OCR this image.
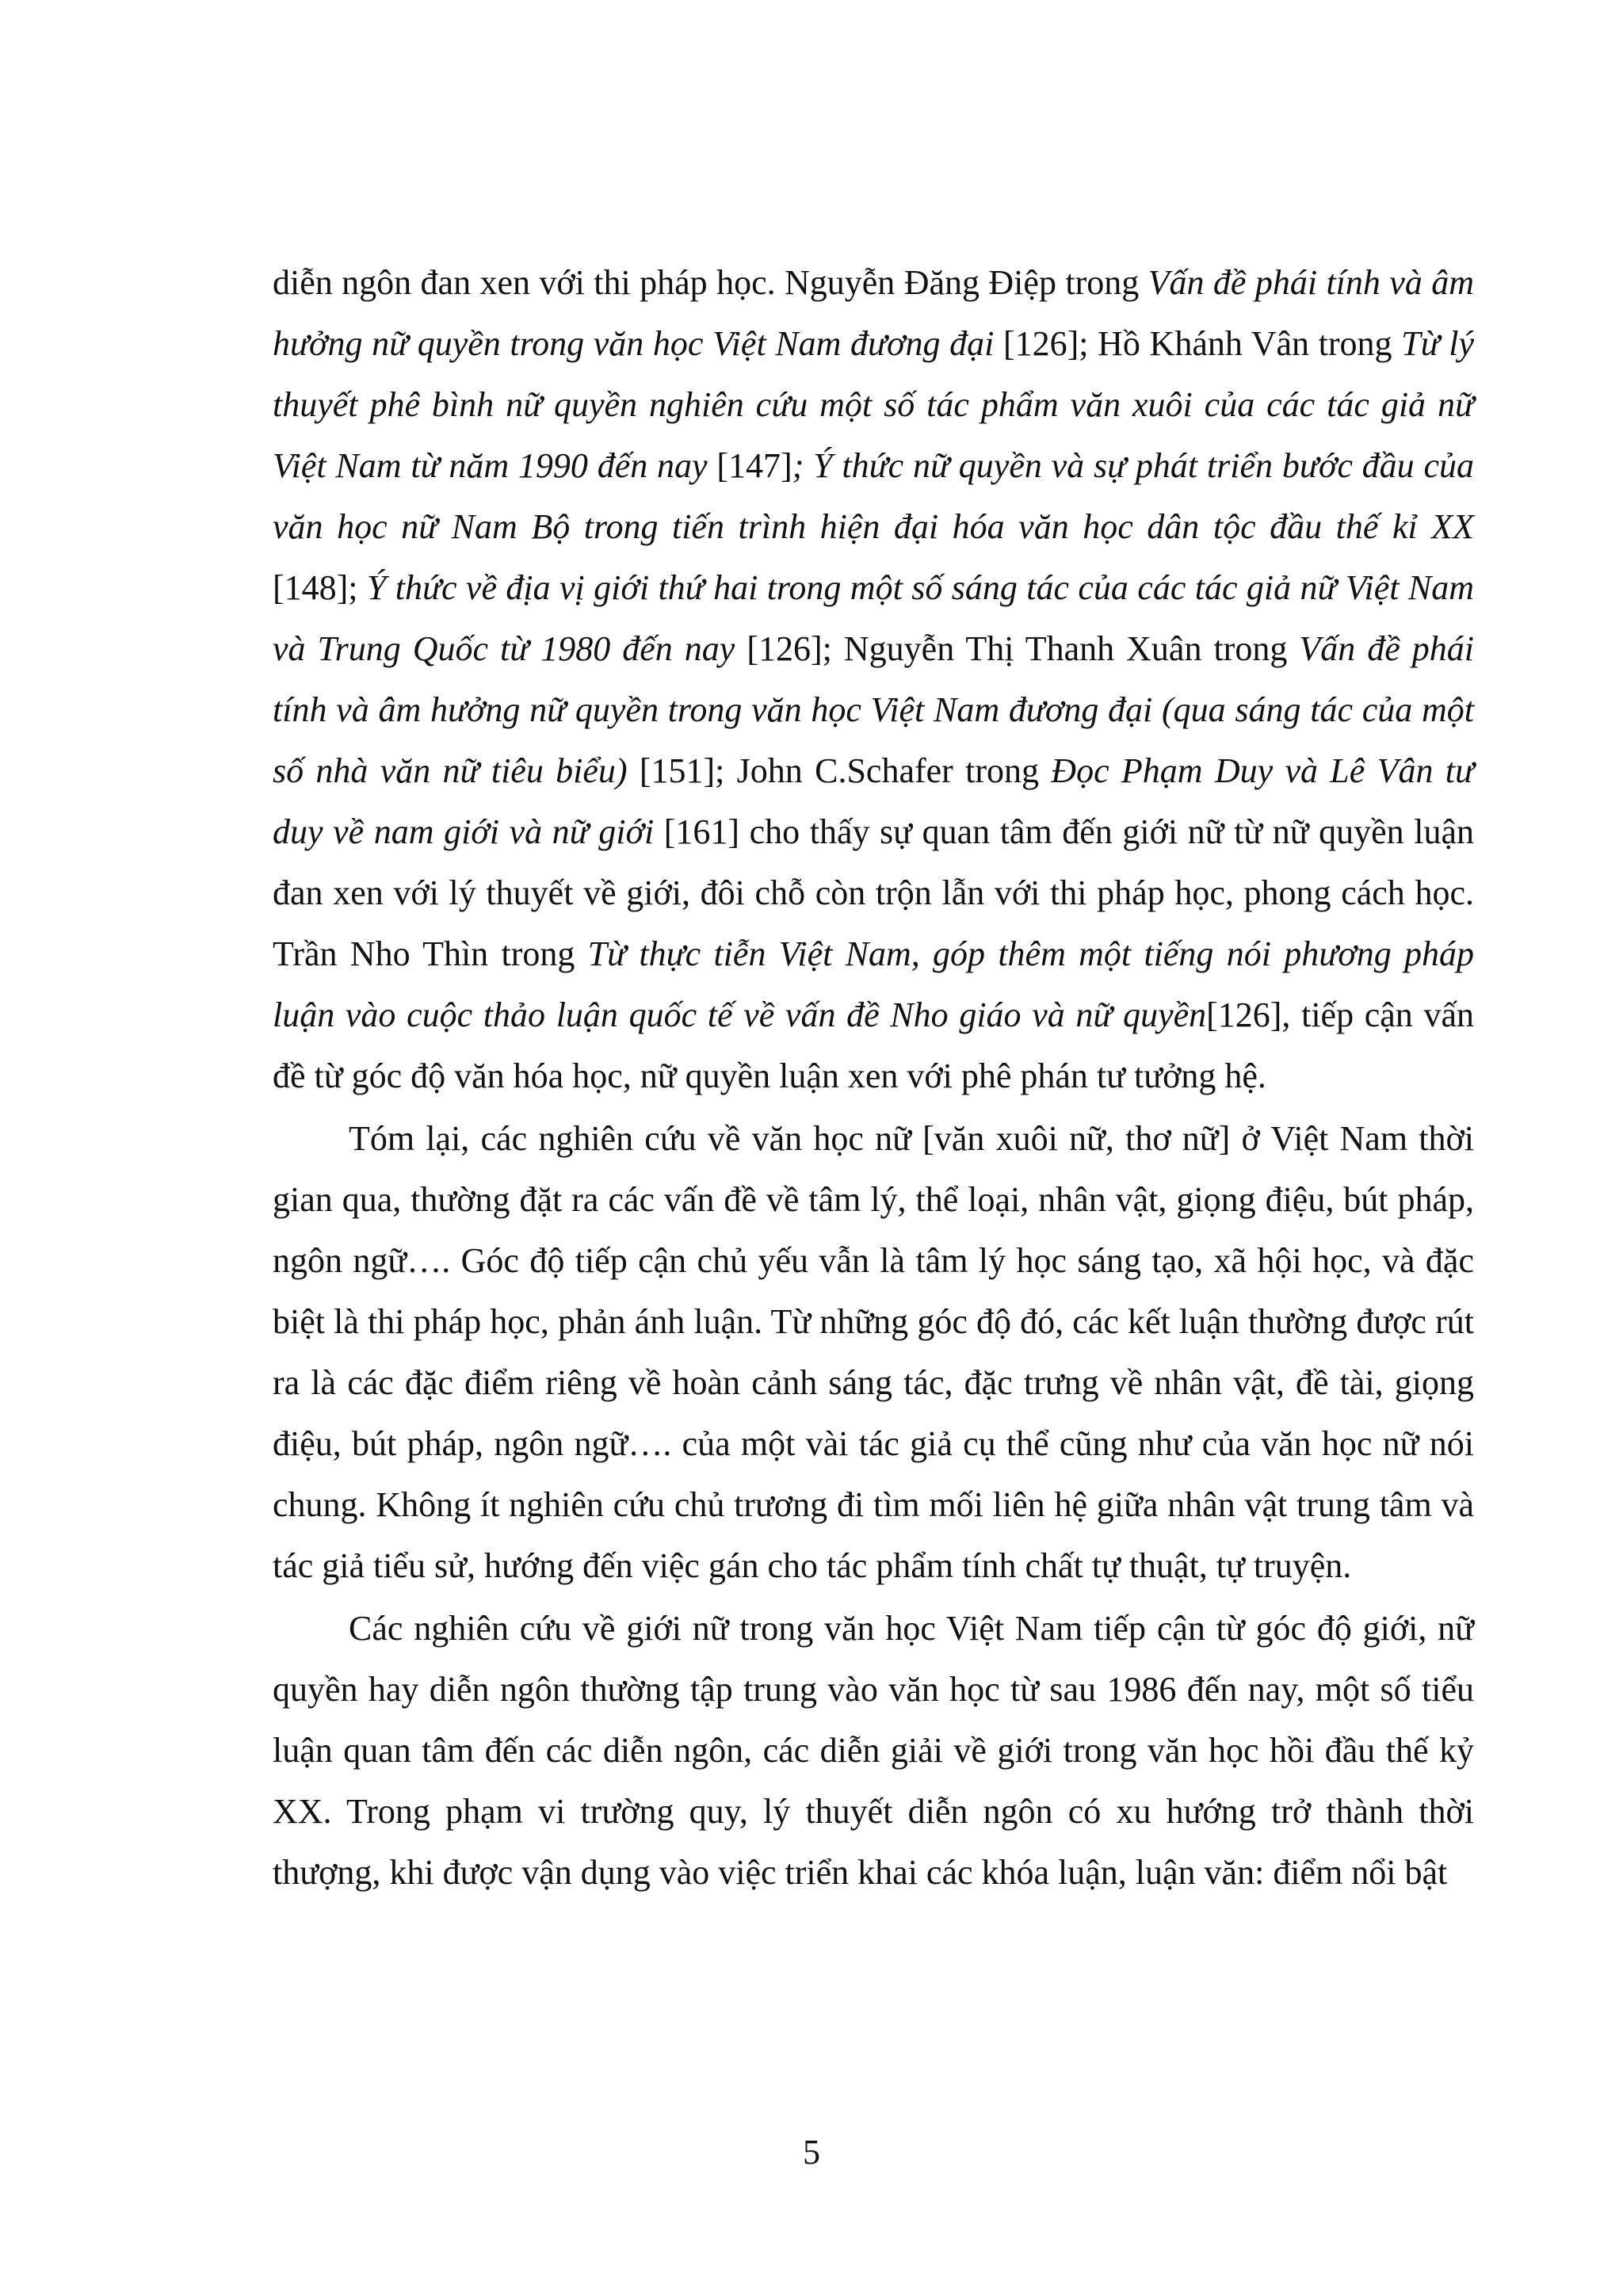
diễn ngôn đan xen với thi pháp học. Nguyễn Đăng Điệp trong Vấn đề phái tính và âm hưởng nữ quyền trong văn học Việt Nam đương đại [126]; Hồ Khánh Vân trong Từ lý thuyết phê bình nữ quyền nghiên cứu một số tác phẩm văn xuôi của các tác giả nữ Việt Nam từ năm 1990 đến nay [147]; Ý thức nữ quyền và sự phát triển bước đầu của văn học nữ Nam Bộ trong tiến trình hiện đại hóa văn học dân tộc đầu thế kỉ XX [148]; Ý thức về địa vị giới thứ hai trong một số sáng tác của các tác giả nữ Việt Nam và Trung Quốc từ 1980 đến nay [126]; Nguyễn Thị Thanh Xuân trong Vấn đề phái tính và âm hưởng nữ quyền trong văn học Việt Nam đương đại (qua sáng tác của một số nhà văn nữ tiêu biểu) [151]; John C.Schafer trong Đọc Phạm Duy và Lê Vân tư duy về nam giới và nữ giới [161] cho thấy sự quan tâm đến giới nữ từ nữ quyền luận đan xen với lý thuyết về giới, đôi chỗ còn trộn lẫn với thi pháp học, phong cách học. Trần Nho Thìn trong Từ thực tiễn Việt Nam, góp thêm một tiếng nói phương pháp luận vào cuộc thảo luận quốc tế về vấn đề Nho giáo và nữ quyền[126], tiếp cận vấn đề từ góc độ văn hóa học, nữ quyền luận xen với phê phán tư tưởng hệ.

Tóm lại, các nghiên cứu về văn học nữ [văn xuôi nữ, thơ nữ] ở Việt Nam thời gian qua, thường đặt ra các vấn đề về tâm lý, thể loại, nhân vật, giọng điệu, bút pháp, ngôn ngữ…. Góc độ tiếp cận chủ yếu vẫn là tâm lý học sáng tạo, xã hội học, và đặc biệt là thi pháp học, phản ánh luận. Từ những góc độ đó, các kết luận thường được rút ra là các đặc điểm riêng về hoàn cảnh sáng tác, đặc trưng về nhân vật, đề tài, giọng điệu, bút pháp, ngôn ngữ…. của một vài tác giả cụ thể cũng như của văn học nữ nói chung. Không ít nghiên cứu chủ trương đi tìm mối liên hệ giữa nhân vật trung tâm và tác giả tiểu sử, hướng đến việc gán cho tác phẩm tính chất tự thuật, tự truyện.

Các nghiên cứu về giới nữ trong văn học Việt Nam tiếp cận từ góc độ giới, nữ quyền hay diễn ngôn thường tập trung vào văn học từ sau 1986 đến nay, một số tiểu luận quan tâm đến các diễn ngôn, các diễn giải về giới trong văn học hồi đầu thế kỷ XX. Trong phạm vi trường quy, lý thuyết diễn ngôn có xu hướng trở thành thời thượng, khi được vận dụng vào việc triển khai các khóa luận, luận văn: điểm nổi bật

5
